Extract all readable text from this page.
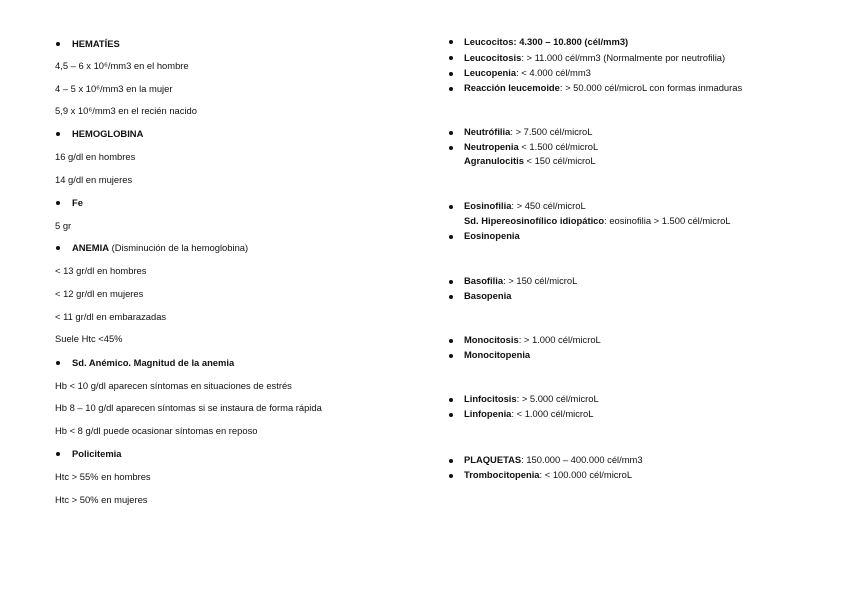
HEMATÍES
4,5 – 6 x 10⁶/mm3 en el hombre
4 – 5 x 10⁶/mm3 en la mujer
5,9 x 10⁶/mm3 en el recién nacido
HEMOGLOBINA
16 g/dl en hombres
14 g/dl en mujeres
Fe
5 gr
ANEMIA (Disminución de la hemoglobina)
< 13 gr/dl en hombres
< 12 gr/dl en mujeres
< 11 gr/dl en embarazadas
Suele Htc <45%
Sd. Anémico. Magnitud de la anemia
Hb < 10 g/dl aparecen síntomas en situaciones de estrés
Hb 8 – 10 g/dl aparecen síntomas si se instaura de forma rápida
Hb < 8 g/dl puede ocasionar síntomas en reposo
Policitemia
Htc > 55% en hombres
Htc > 50% en mujeres
Leucocitos: 4.300 – 10.800 (cél/mm3)
Leucocitosis: > 11.000 cél/mm3 (Normalmente por neutrofilia)
Leucopenia: < 4.000 cél/mm3
Reacción leucemoide: > 50.000 cél/microL con formas inmaduras
Neutrófilia: > 7.500 cél/microL
Neutropenia < 1.500 cél/microL
Agranulocitis < 150 cél/microL
Eosinofilia: > 450 cél/microL
Sd. Hipereosinofílico idiopático: eosinofilia > 1.500 cél/microL
Eosinopenia
Basofilia: > 150 cél/microL
Basopenia
Monocitosis: > 1.000 cél/microL
Monocitopenia
Linfocitosis: > 5.000 cél/microL
Linfopenia: < 1.000 cél/microL
PLAQUETAS: 150.000 – 400.000 cél/mm3
Trombocitopenia: < 100.000 cél/microL
